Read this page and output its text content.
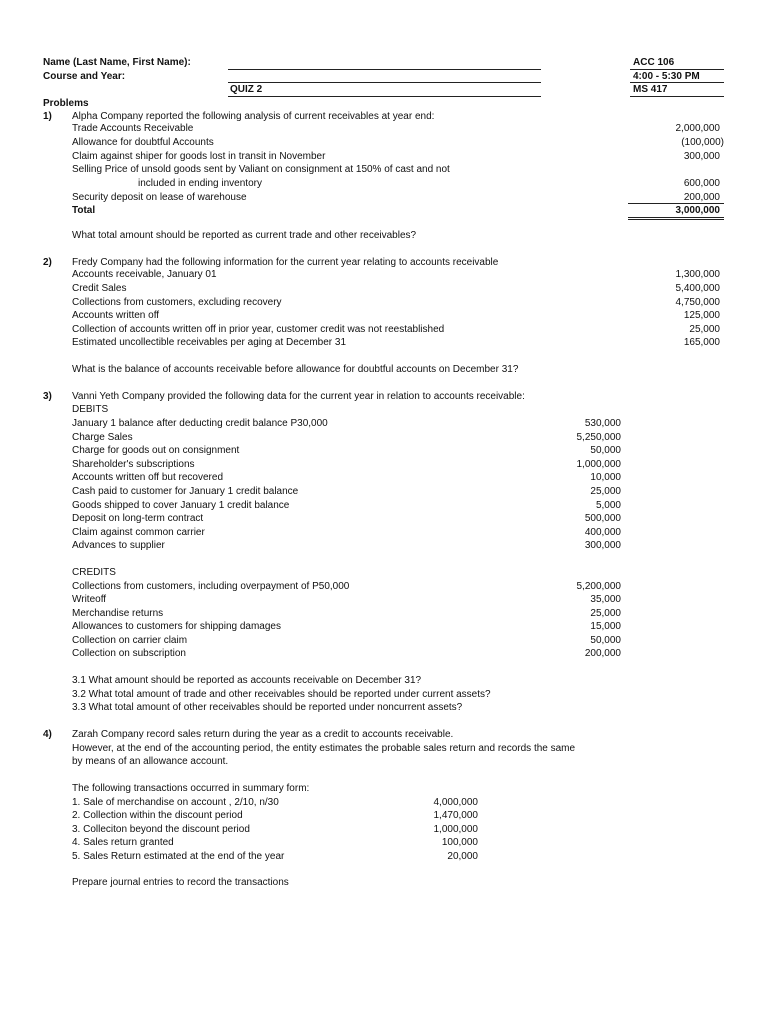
Name (Last Name, First Name):
Course and Year:
QUIZ 2
ACC 106
4:00 - 5:30 PM
MS 417
Problems
1) Alpha Company reported the following analysis of current receivables at year end:
Trade Accounts Receivable	2,000,000
Allowance for doubtful Accounts	(100,000)
Claim against shiper for goods lost in transit in November	300,000
Selling Price of unsold goods sent by Valiant on consignment at 150% of cast and not
included in ending inventory	600,000
Security deposit on lease of warehouse	200,000
Total	3,000,000
What total amount should be reported as current trade and other receivables?
2) Fredy Company had the following information for the current year relating to accounts receivable
Accounts receivable, January 01	1,300,000
Credit Sales	5,400,000
Collections from customers, excluding recovery	4,750,000
Accounts written off	125,000
Collection of accounts written off in prior year, customer credit was not reestablished	25,000
Estimated uncollectible receivables per aging at December 31	165,000
What is the balance of accounts receivable before allowance for doubtful accounts on December 31?
3) Vanni Yeth Company provided the following data for the current year in relation to accounts receivable:
DEBITS
January 1 balance after deducting credit balance P30,000	530,000
Charge Sales	5,250,000
Charge for goods out on consignment	50,000
Shareholder's subscriptions	1,000,000
Accounts written off but recovered	10,000
Cash paid to customer for January 1 credit balance	25,000
Goods shipped to cover January 1 credit balance	5,000
Deposit on long-term contract	500,000
Claim against common carrier	400,000
Advances to supplier	300,000
CREDITS
Collections from customers, including overpayment of P50,000	5,200,000
Writeoff	35,000
Merchandise returns	25,000
Allowances to customers for shipping damages	15,000
Collection on carrier claim	50,000
Collection on subscription	200,000
3.1 What amount should be reported as accounts receivable on December 31?
3.2 What total amount of trade and other receivables should be reported under current assets?
3.3 What total amount of other receivables should be reported under noncurrent assets?
4) Zarah Company record sales return during the year as a credit to accounts receivable.
However, at the end of the accounting period, the entity estimates the probable sales return and records the same
by means of an allowance account.
The following transactions occurred in summary form:
1. Sale of merchandise on account , 2/10, n/30	4,000,000
2. Collection within the discount period	1,470,000
3. Colleciton beyond the discount period	1,000,000
4. Sales return granted	100,000
5. Sales Return estimated at the end of the year	20,000
Prepare journal entries to record the transactions
